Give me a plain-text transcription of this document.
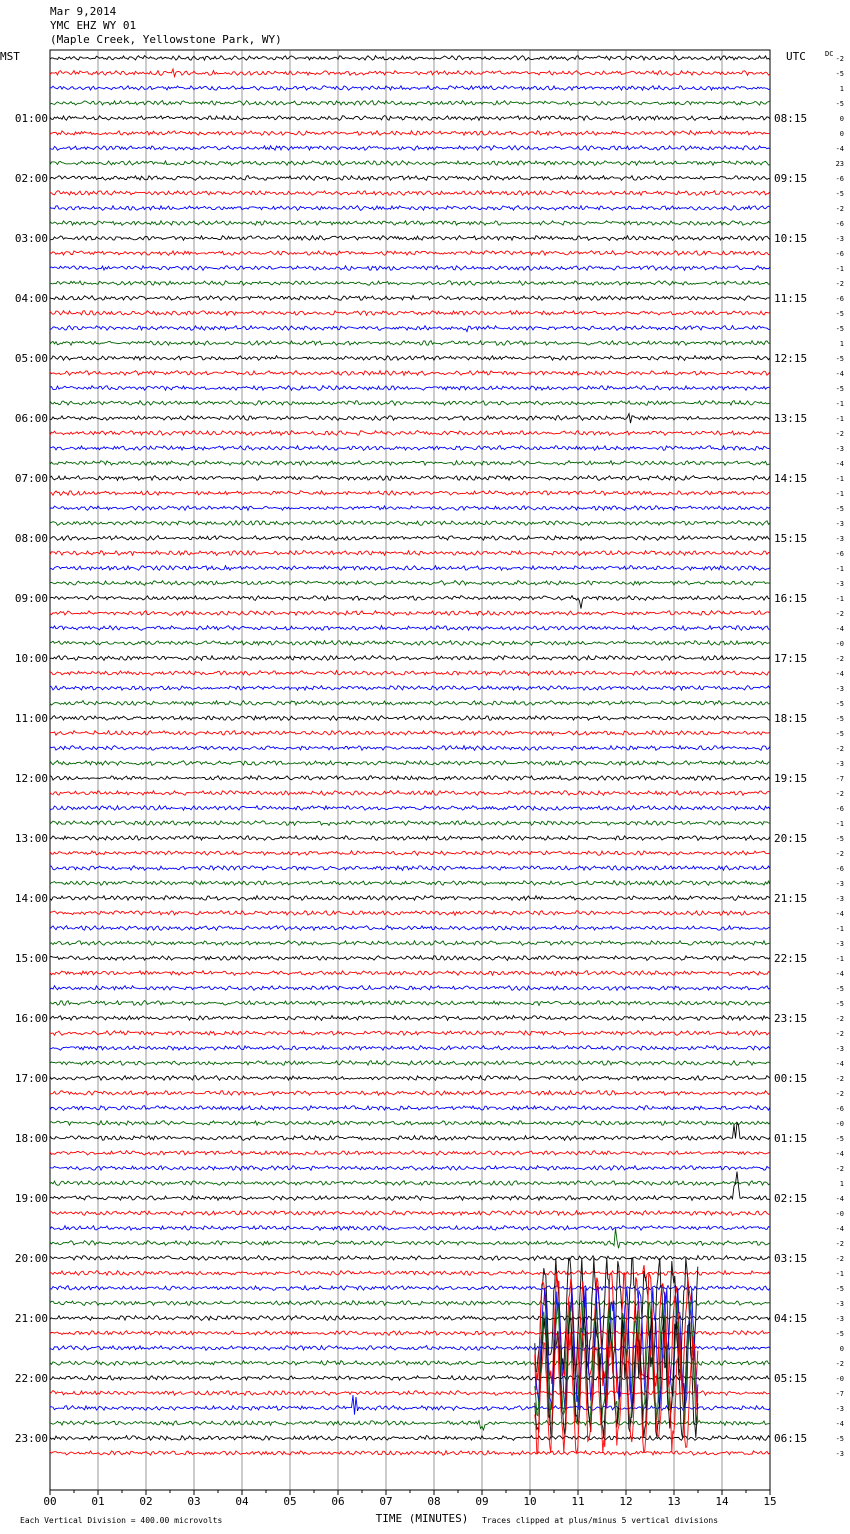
Mar 9,2014
YMC EHZ WY 01
(Maple Creek, Yellowstone Park, WY)
MST	UTC	DC
00	01	02	03	04	05	06	07	08	09	10	11	12	13	14	15
01:00
02:00
03:00
04:00
05:00
06:00
07:00
08:00
09:00
10:00
11:00
12:00
13:00
14:00
15:00
16:00
17:00
18:00
19:00
20:00
21:00
22:00
23:00
08:15
09:15
10:15
11:15
12:15
13:15
14:15
15:15
16:15
17:15
18:15
19:15
20:15
21:15
22:15
23:15
00:15
01:15
02:15
03:15
04:15
05:15
06:15
-2
-5
1
-5
0
0
-4
23
-6
-5
-2
-6
-3
-6
-1
-2
-6
-5
-5
1
-5
-4
-5
-1
-1
-2
-3
-4
-1
-1
-5
-3
-3
-6
-1
-3
-1
-2
-4
-0
-2
-4
-3
-5
-5
-5
-2
-3
-7
-2
-6
-1
-5
-2
-6
-3
-3
-4
-1
-3
-1
-4
-5
-5
-2
-2
-3
-4
-2
-2
-6
-0
-5
-4
-2
1
-4
-0
-4
-2
-2
-1
-5
-3
-3
-5
0
-2
-0
-7
-3
-4
-5
-3
TIME (MINUTES)
Each Vertical Division = 400.00 microvolts	Traces clipped at plus/minus 5 vertical divisions
